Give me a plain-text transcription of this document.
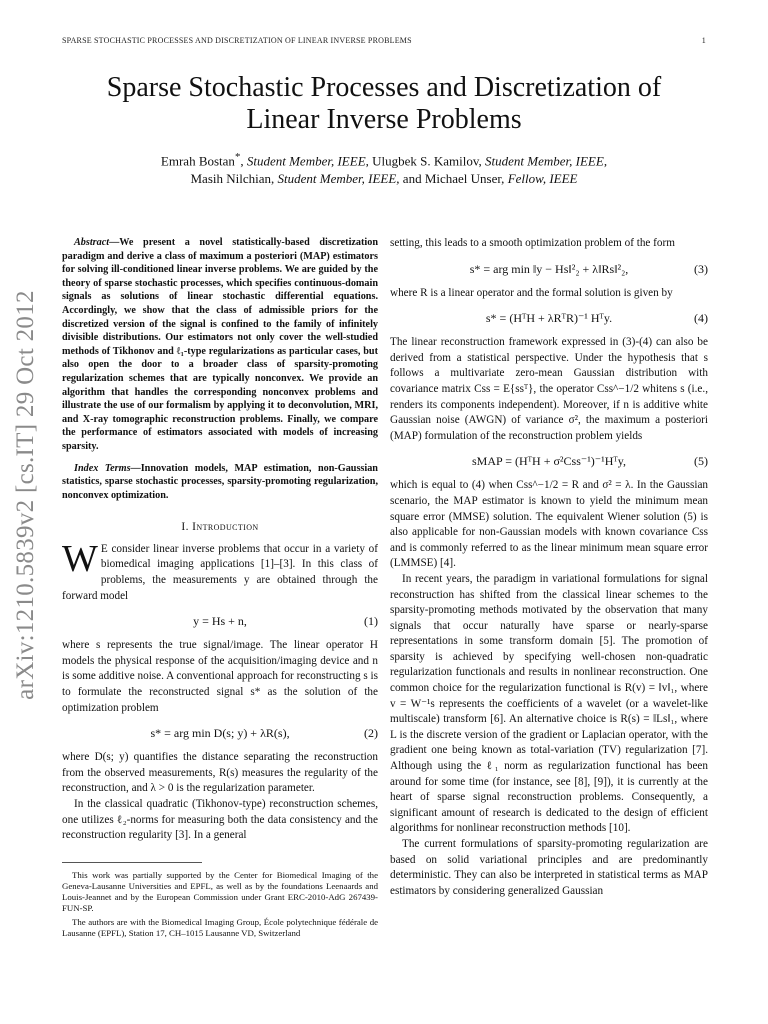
SPARSE STOCHASTIC PROCESSES AND DISCRETIZATION OF LINEAR INVERSE PROBLEMS	1
arXiv:1210.5839v2 [cs.IT] 29 Oct 2012
Sparse Stochastic Processes and Discretization of
Linear Inverse Problems
Emrah Bostan*, Student Member, IEEE, Ulugbek S. Kamilov, Student Member, IEEE,
Masih Nilchian, Student Member, IEEE, and Michael Unser, Fellow, IEEE

Abstract—We present a novel statistically-based discretization paradigm and derive a class of maximum a posteriori (MAP) estimators for solving ill-conditioned linear inverse problems. We are guided by the theory of sparse stochastic processes, which specifies continuous-domain signals as solutions of linear stochastic differential equations. Accordingly, we show that the class of admissible priors for the discretized version of the signal is confined to the family of infinitely divisible distributions. Our estimators not only cover the well-studied methods of Tikhonov and ℓ₁-type regularizations as particular cases, but also open the door to a broader class of sparsity-promoting regularization schemes that are typically nonconvex. We provide an algorithm that handles the corresponding nonconvex problems and illustrate the use of our formalism by applying it to deconvolution, MRI, and X-ray tomographic reconstruction problems. Finally, we compare the performance of estimators associated with models of increasing sparsity.

Index Terms—Innovation models, MAP estimation, non-Gaussian statistics, sparse stochastic processes, sparsity-promoting regularization, nonconvex optimization.

I. Introduction

W E consider linear inverse problems that occur in a variety of biomedical imaging applications [1]–[3]. In this class of problems, the measurements y are obtained through the forward model

y = Hs + n,	(1)

where s represents the true signal/image. The linear operator H models the physical response of the acquisition/imaging device and n is some additive noise. A conventional approach for reconstructing s is to formulate the reconstructed signal s* as the solution of the optimization problem

s* = arg min D(s; y) + λR(s),	(2)

where D(s; y) quantifies the distance separating the reconstruction from the observed measurements, R(s) measures the regularity of the reconstruction, and λ > 0 is the regularization parameter.

In the classical quadratic (Tikhonov-type) reconstruction schemes, one utilizes ℓ₂-norms for measuring both the data consistency and the reconstruction regularity [3]. In a general

This work was partially supported by the Center for Biomedical Imaging of the Geneva-Lausanne Universities and EPFL, as well as by the foundations Leenaards and Louis-Jeannet and by the European Commission under Grant ERC-2010-AdG 267439-FUN-SP.

The authors are with the Biomedical Imaging Group, École polytechnique fédérale de Lausanne (EPFL), Station 17, CH–1015 Lausanne VD, Switzerland

setting, this leads to a smooth optimization problem of the form

s* = arg min ‖y − Hs‖²₂ + λ‖Rs‖²₂,	(3)

where R is a linear operator and the formal solution is given by

s* = (HᵀH + λRᵀR)⁻¹ Hᵀy.	(4)

The linear reconstruction framework expressed in (3)-(4) can also be derived from a statistical perspective. Under the hypothesis that s follows a multivariate zero-mean Gaussian distribution with covariance matrix Css = E{ssᵀ}, the operator Css^−1/2 whitens s (i.e., renders its components independent). Moreover, if n is additive white Gaussian noise (AWGN) of variance σ², the maximum a posteriori (MAP) formulation of the reconstruction problem yields

sMAP = (HᵀH + σ²Css⁻¹)⁻¹Hᵀy,	(5)

which is equal to (4) when Css^−1/2 = R and σ² = λ. In the Gaussian scenario, the MAP estimator is known to yield the minimum mean square error (MMSE) solution. The equivalent Wiener solution (5) is also applicable for non-Gaussian models with known covariance Css and is commonly referred to as the linear minimum mean square error (LMMSE) [4].

In recent years, the paradigm in variational formulations for signal reconstruction has shifted from the classical linear schemes to the sparsity-promoting methods motivated by the observation that many signals that occur naturally have sparse or nearly-sparse representations in some transform domain [5]. The promotion of sparsity is achieved by specifying well-chosen non-quadratic regularization functionals and results in nonlinear reconstruction. One common choice for the regularization functional is R(v) = ‖v‖₁, where v = W⁻¹s represents the coefficients of a wavelet (or a wavelet-like multiscale) transform [6]. An alternative choice is R(s) = ‖Ls‖₁, where L is the discrete version of the gradient or Laplacian operator, with the gradient one being known as total-variation (TV) regularization [7]. Although using the ℓ₁ norm as regularization functional has been around for some time (for instance, see [8], [9]), it is currently at the heart of sparse signal reconstruction problems. Consequently, a significant amount of research is dedicated to the design of efficient algorithms for nonlinear reconstruction methods [10].

The current formulations of sparsity-promoting regularization are based on solid variational principles and are predominantly deterministic. They can also be interpreted in statistical terms as MAP estimators by considering generalized Gaussian
